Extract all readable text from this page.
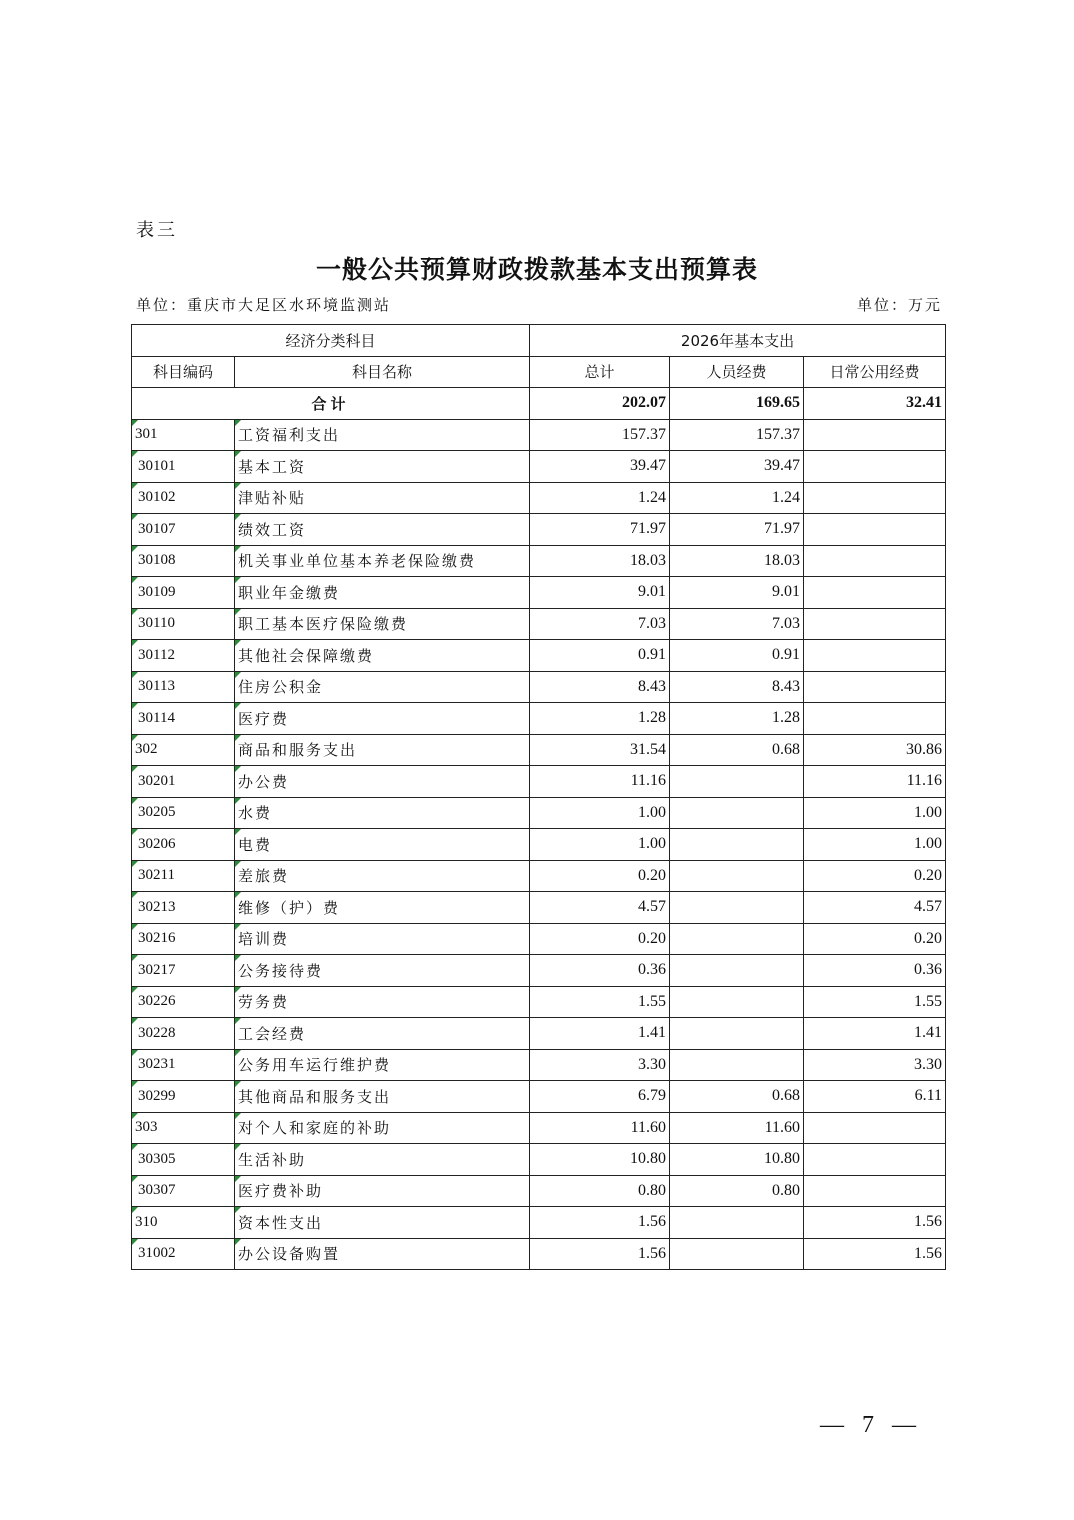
表三
一般公共预算财政拨款基本支出预算表
单位：重庆市大足区水环境监测站	单位：万元
经济分类科目		2026年基本支出		
科目编码	科目名称	总计	人员经费	日常公用经费
合计		202.07	169.65	32.41

301	工资福利支出	157.37	157.37	

30101	基本工资	39.47	39.47	

30102	津贴补贴	1.24	1.24	

30107	绩效工资	71.97	71.97	

30108	机关事业单位基本养老保险缴费	18.03	18.03	

30109	职业年金缴费	9.01	9.01	

30110	职工基本医疗保险缴费	7.03	7.03	

30112	其他社会保障缴费	0.91	0.91	

30113	住房公积金	8.43	8.43	

30114	医疗费	1.28	1.28	

302	商品和服务支出	31.54	0.68	30.86

30201	办公费	11.16		11.16

30205	水费	1.00		1.00

30206	电费	1.00		1.00

30211	差旅费	0.20		0.20

30213	维修（护）费	4.57		4.57

30216	培训费	0.20		0.20

30217	公务接待费	0.36		0.36

30226	劳务费	1.55		1.55

30228	工会经费	1.41		1.41

30231	公务用车运行维护费	3.30		3.30

30299	其他商品和服务支出	6.79	0.68	6.11

303	对个人和家庭的补助	11.60	11.60	

30305	生活补助	10.80	10.80	

30307	医疗费补助	0.80	0.80	

310	资本性支出	1.56		1.56

31002	办公设备购置	1.56		1.56
— 7 —
